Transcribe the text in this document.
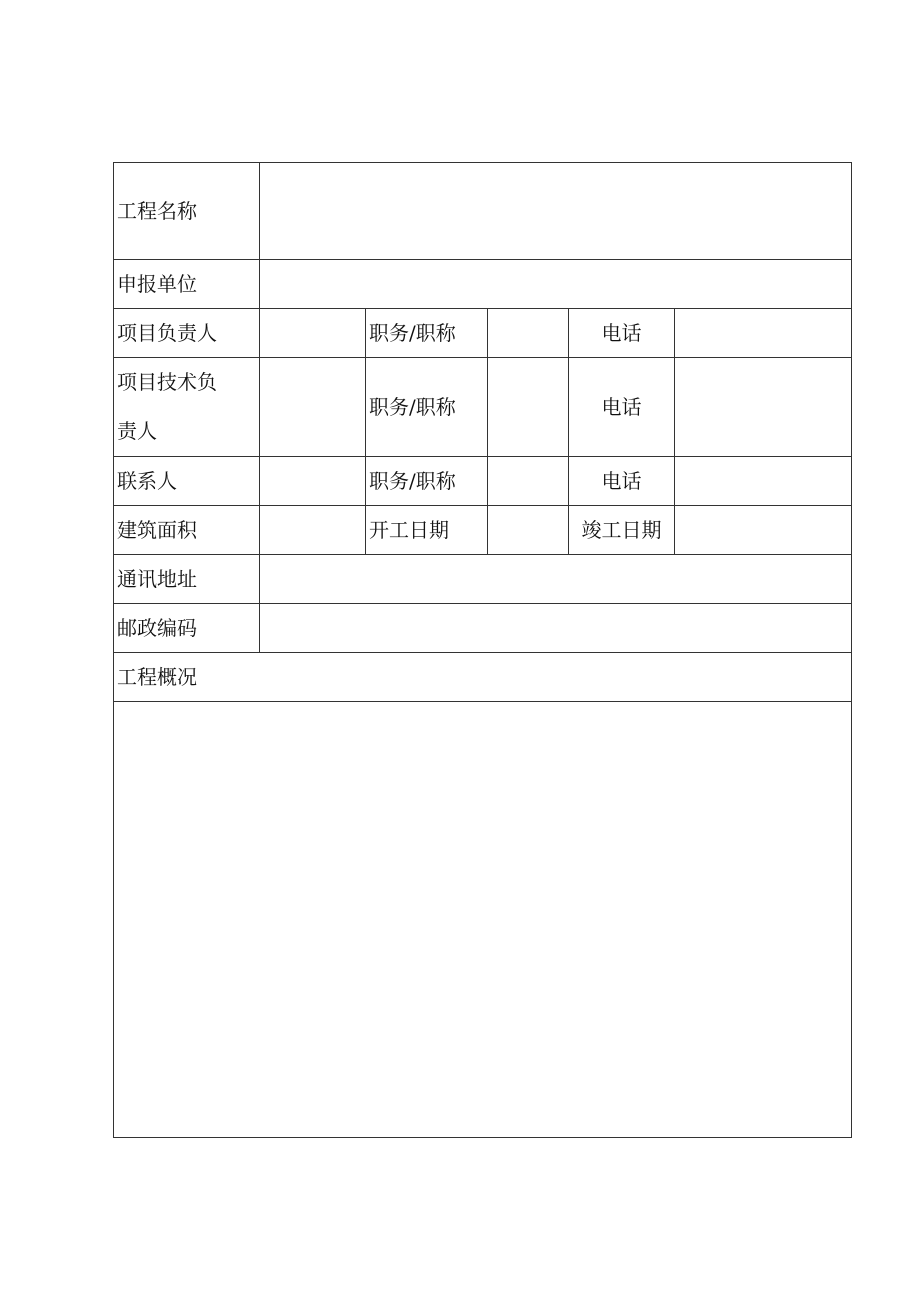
工程名称					
申报单位					
项目负责人		职务/职称		电话	

项目技术负
责人		职务/职称		电话	
联系人		职务/职称		电话	
建筑面积		开工日期		竣工日期	
通讯地址					
邮政编码					
工程概况					
